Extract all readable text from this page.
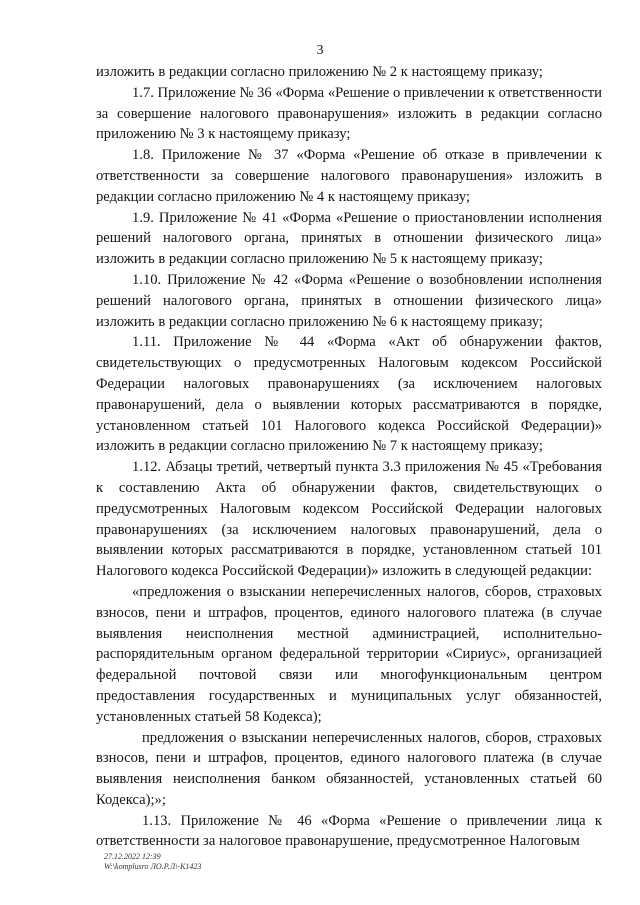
3

изложить в редакции согласно приложению № 2 к настоящему приказу;

1.7. Приложение № 36 «Форма «Решение о привлечении к ответственности за совершение налогового правонарушения» изложить в редакции согласно приложению № 3 к настоящему приказу;

1.8. Приложение № 37 «Форма «Решение об отказе в привлечении к ответственности за совершение налогового правонарушения» изложить в редакции согласно приложению № 4 к настоящему приказу;

1.9. Приложение № 41 «Форма «Решение о приостановлении исполнения решений налогового органа, принятых в отношении физического лица» изложить в редакции согласно приложению № 5 к настоящему приказу;

1.10. Приложение № 42 «Форма «Решение о возобновлении исполнения решений налогового органа, принятых в отношении физического лица» изложить в редакции согласно приложению № 6 к настоящему приказу;

1.11. Приложение № 44 «Форма «Акт об обнаружении фактов, свидетельствующих о предусмотренных Налоговым кодексом Российской Федерации налоговых правонарушениях (за исключением налоговых правонарушений, дела о выявлении которых рассматриваются в порядке, установленном статьей 101 Налогового кодекса Российской Федерации)» изложить в редакции согласно приложению № 7 к настоящему приказу;

1.12. Абзацы третий, четвертый пункта 3.3 приложения № 45 «Требования к составлению Акта об обнаружении фактов, свидетельствующих о предусмотренных Налоговым кодексом Российской Федерации налоговых правонарушениях (за исключением налоговых правонарушений, дела о выявлении которых рассматриваются в порядке, установленном статьей 101 Налогового кодекса Российской Федерации)» изложить в следующей редакции:

«предложения о взыскании неперечисленных налогов, сборов, страховых взносов, пени и штрафов, процентов, единого налогового платежа (в случае выявления неисполнения местной администрацией, исполнительно-распорядительным органом федеральной территории «Сириус», организацией федеральной почтовой связи или многофункциональным центром предоставления государственных и муниципальных услуг обязанностей, установленных статьей 58 Кодекса);

предложения о взыскании неперечисленных налогов, сборов, страховых взносов, пени и штрафов, процентов, единого налогового платежа (в случае выявления неисполнения банком обязанностей, установленных статьей 60 Кодекса);»;

1.13. Приложение № 46 «Форма «Решение о привлечении лица к ответственности за налоговое правонарушение, предусмотренное Налоговым

27.12.2022 12:39
W:\komplusro ЛО.Р.Л\-К1423
